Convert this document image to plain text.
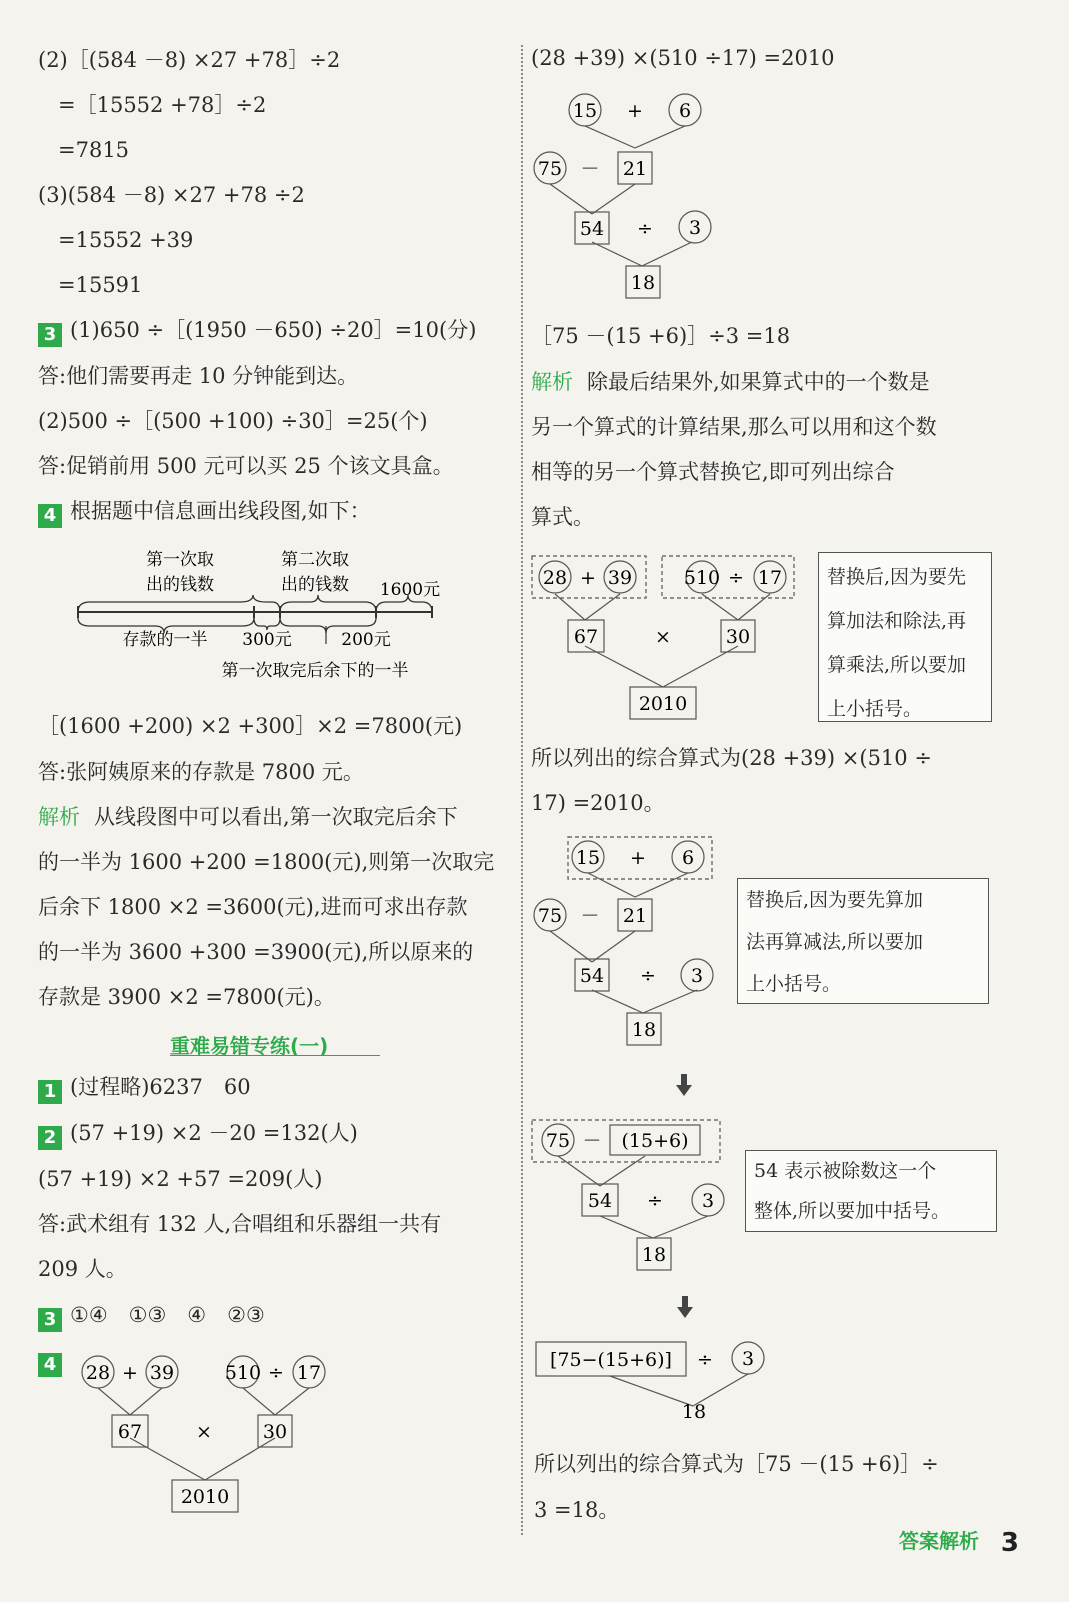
(2)［(584 －8) ×27 +78］÷2
=［15552 +78］÷2
=7815
(3)(584 －8) ×27 +78 ÷2
=15552 +39
=15591
3 (1)650 ÷［(1950 －650) ÷20］=10(分)
答:他们需要再走 10 分钟能到达。
(2)500 ÷［(500 +100) ÷30］=25(个)
答:促销前用 500 元可以买 25 个该文具盒。
4 根据题中信息画出线段图,如下：
第一次取
出的钱数
第二次取
出的钱数 1600元
存款的一半 300元	200元
第一次取完后余下的一半
［(1600 +200) ×2 +300］×2 =7800(元)
答:张阿姨原来的存款是 7800 元。
解析 从线段图中可以看出,第一次取完后余下
的一半为 1600 +200 =1800(元),则第一次取完
后余下 1800 ×2 =3600(元),进而可求出存款
的一半为 3600 +300 =3900(元),所以原来的
存款是 3900 ×2 =7800(元)。
重难易错专练(一)
1 (过程略)6237　60
2 (57 +19) ×2 －20 =132(人)
(57 +19) ×2 +57 =209(人)
答:武术组有 132 人,合唱组和乐器组一共有
209 人。
3 ①④　①③　④　②③
4	28 + 39	510 ÷ 17
67	×	30
2010
(28 +39) ×(510 ÷17) =2010
15 + 6
75 － 21
54 ÷ 3
18
［75 －(15 +6)］÷3 =18
解析 除最后结果外,如果算式中的一个数是
另一个算式的计算结果,那么可以用和这个数
相等的另一个算式替换它,即可列出综合
算式。
28 + 39	510 ÷ 17
67	×	30
2010
替换后,因为要先
算加法和除法,再
算乘法,所以要加
上小括号。
所以列出的综合算式为(28 +39) ×(510 ÷
17) =2010。
15 + 6
75 － 21
54 ÷ 3
18
替换后,因为要先算加
法再算减法,所以要加
上小括号。
75 － (15+6)
54 ÷ 3
18
54 表示被除数这一个
整体,所以要加中括号。
[75−(15+6)] ÷ 3
18
所以列出的综合算式为［75 －(15 +6)］÷
3 =18。
答案解析 3
